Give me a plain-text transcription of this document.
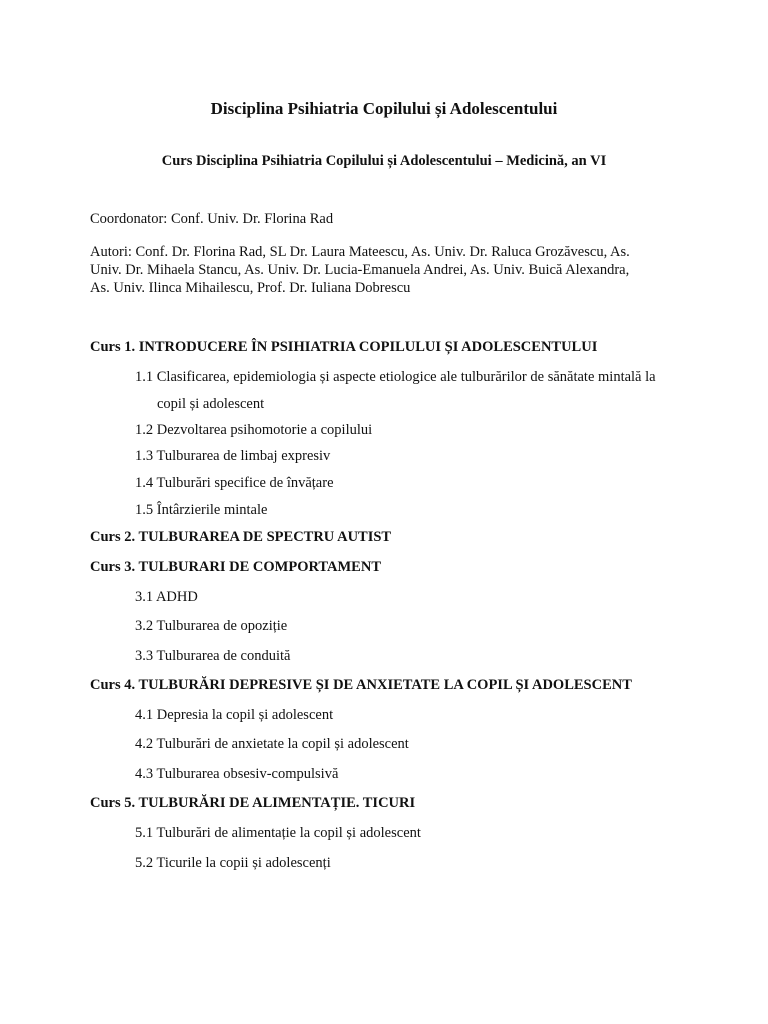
Disciplina Psihiatria Copilului și Adolescentului
Curs Disciplina Psihiatria Copilului și Adolescentului – Medicină, an VI
Coordonator: Conf. Univ. Dr. Florina Rad
Autori: Conf. Dr. Florina Rad, SL Dr. Laura Mateescu, As. Univ. Dr. Raluca Grozăvescu, As.
Univ. Dr. Mihaela Stancu, As. Univ. Dr. Lucia-Emanuela Andrei, As. Univ. Buică Alexandra,
As. Univ. Ilinca Mihailescu, Prof. Dr. Iuliana Dobrescu
Curs 1. INTRODUCERE ÎN PSIHIATRIA COPILULUI ȘI ADOLESCENTULUI
1.1 Clasificarea, epidemiologia și aspecte etiologice ale tulburărilor de sănătate mintală la
copil și adolescent
1.2 Dezvoltarea psihomotorie a copilului
1.3 Tulburarea de limbaj expresiv
1.4 Tulburări specifice de învățare
1.5 Întârzierile mintale
Curs 2. TULBURAREA DE SPECTRU AUTIST
Curs 3. TULBURARI DE COMPORTAMENT
3.1 ADHD
3.2 Tulburarea de opoziție
3.3 Tulburarea de conduită
Curs 4. TULBURĂRI DEPRESIVE ȘI DE ANXIETATE LA COPIL ȘI ADOLESCENT
4.1 Depresia la copil și adolescent
4.2 Tulburări de anxietate la copil și adolescent
4.3 Tulburarea obsesiv-compulsivă
Curs 5. TULBURĂRI DE ALIMENTAȚIE. TICURI
5.1 Tulburări de alimentație la copil și adolescent
5.2 Ticurile la copii și adolescenți
